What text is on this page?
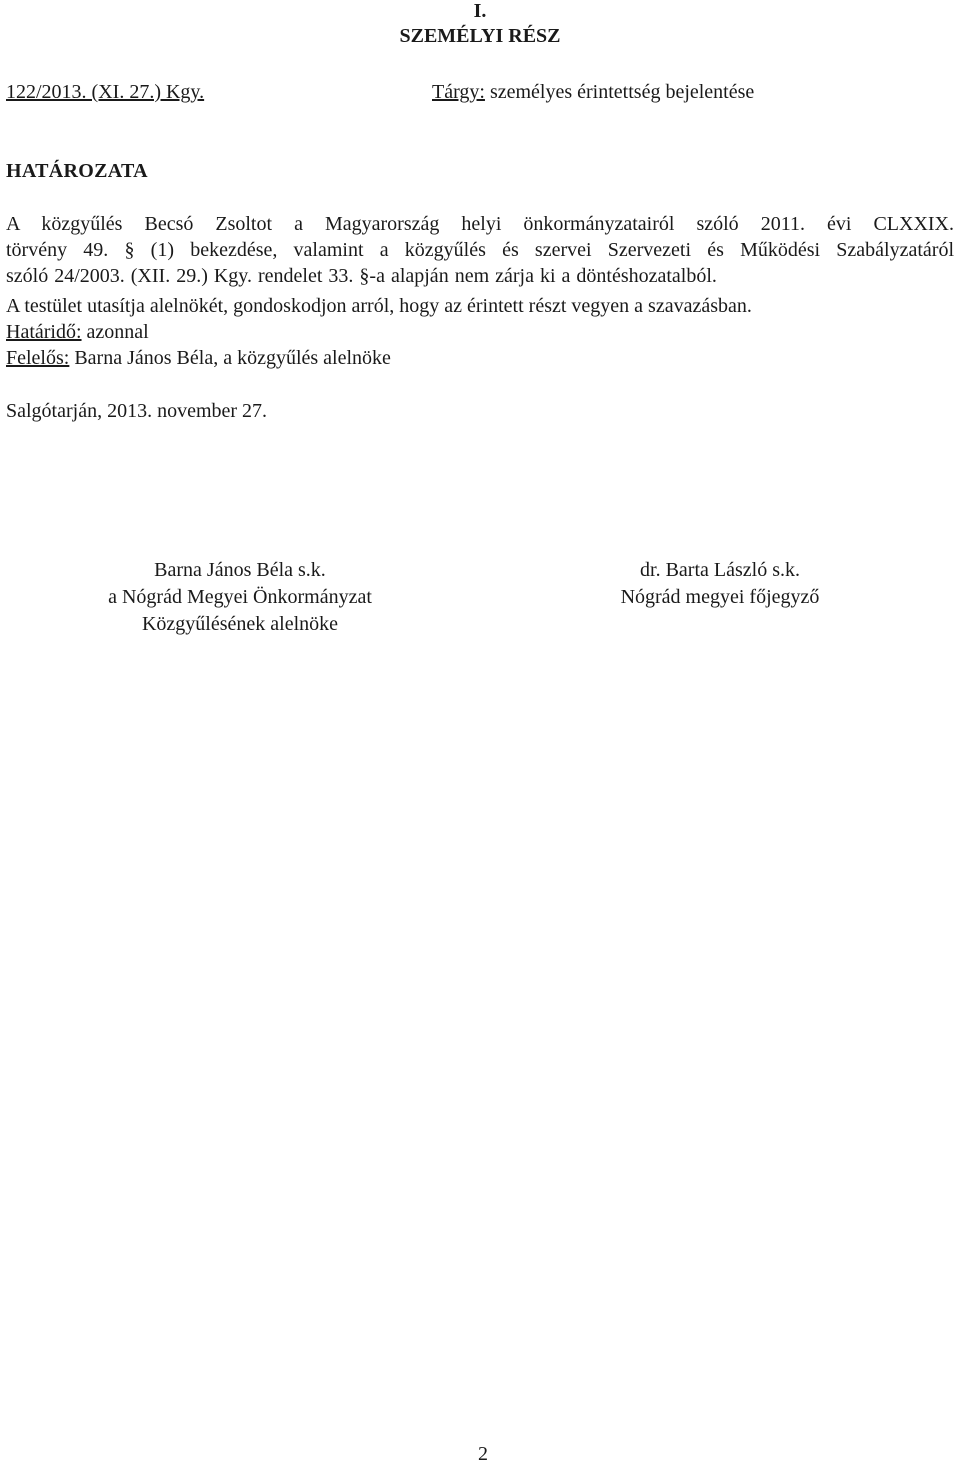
I.
SZEMÉLYI RÉSZ
122/2013. (XI. 27.) Kgy.	Tárgy: személyes érintettség bejelentése
HATÁROZATA
A közgyűlés Becsó Zsoltot a Magyarország helyi önkormányzatairól szóló 2011. évi CLXXIX.
törvény 49. § (1) bekezdése, valamint a közgyűlés és szervei Szervezeti és Működési Szabályzatáról
szóló 24/2003. (XII. 29.) Kgy. rendelet 33. §-a alapján nem zárja ki a döntéshozatalból.
A testület utasítja alelnökét, gondoskodjon arról, hogy az érintett részt vegyen a szavazásban.
Határidő: azonnal
Felelős: Barna János Béla, a közgyűlés alelnöke
Salgótarján, 2013. november 27.
Barna János Béla s.k.
a Nógrád Megyei Önkormányzat
Közgyűlésének alelnöke
dr. Barta László s.k.
Nógrád megyei főjegyző
2
